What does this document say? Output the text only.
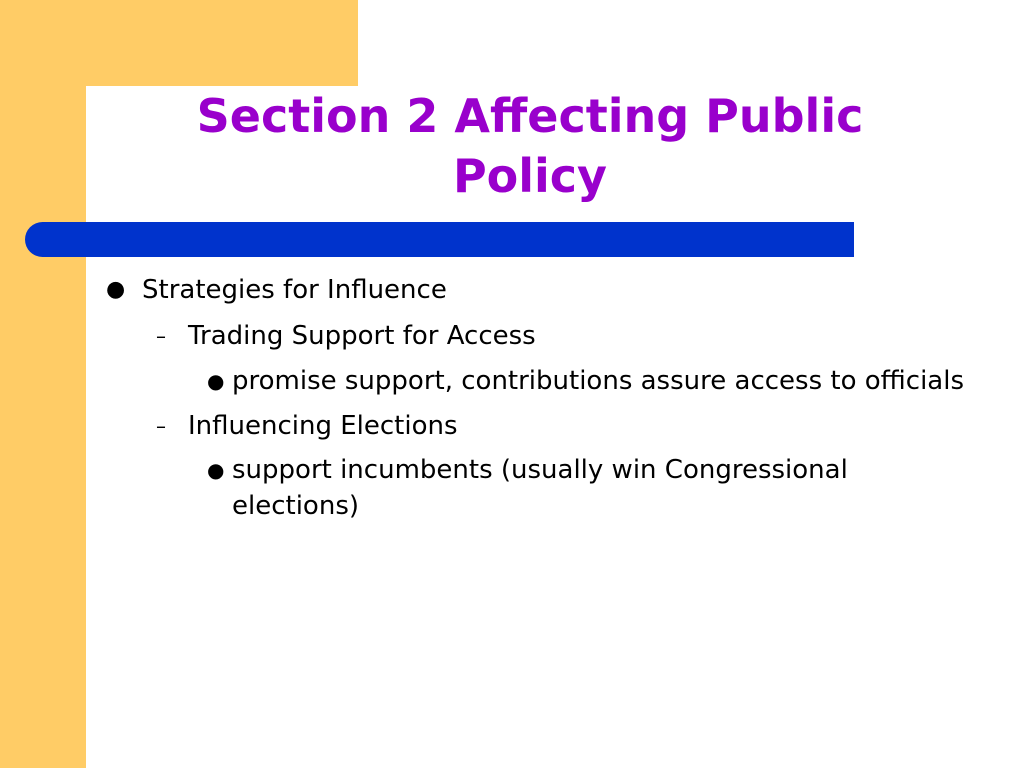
Section 2 Affecting Public
Policy
● Strategies for Influence

– Trading Support for Access

● promise support, contributions assure access to officials

– Influencing Elections

● support incumbents (usually win Congressional elections)
